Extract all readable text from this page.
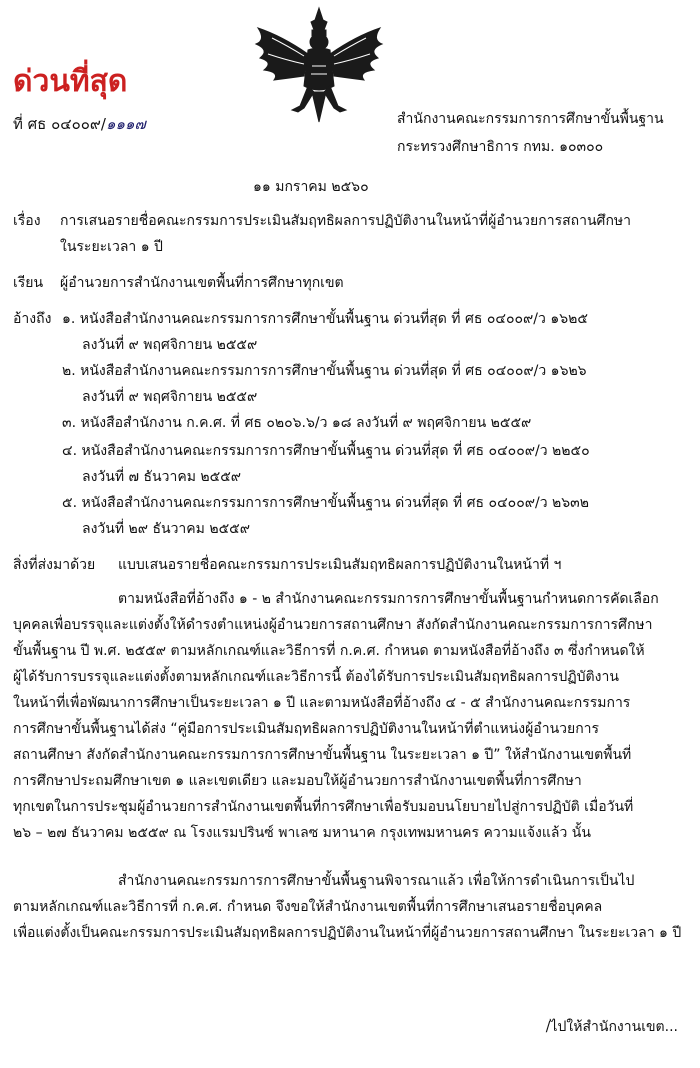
ด่วนที่สุด
ที่ ศธ ๐๔๐๐๙/๑๑๑๗	สำนักงานคณะกรรมการการศึกษาขั้นพื้นฐาน
กระทรวงศึกษาธิการ กทม. ๑๐๓๐๐
๑๑ มกราคม ๒๕๖๐
เรื่อง การเสนอรายชื่อคณะกรรมการประเมินสัมฤทธิผลการปฏิบัติงานในหน้าที่ผู้อำนวยการสถานศึกษา
ในระยะเวลา ๑ ปี
เรียน ผู้อำนวยการสำนักงานเขตพื้นที่การศึกษาทุกเขต
อ้างถึง ๑. หนังสือสำนักงานคณะกรรมการการศึกษาขั้นพื้นฐาน ด่วนที่สุด ที่ ศธ ๐๔๐๐๙/ว ๑๖๒๕
ลงวันที่ ๙ พฤศจิกายน ๒๕๕๙
๒. หนังสือสำนักงานคณะกรรมการการศึกษาขั้นพื้นฐาน ด่วนที่สุด ที่ ศธ ๐๔๐๐๙/ว ๑๖๒๖
ลงวันที่ ๙ พฤศจิกายน ๒๕๕๙
๓. หนังสือสำนักงาน ก.ค.ศ. ที่ ศธ ๐๒๐๖.๖/ว ๑๘ ลงวันที่ ๙ พฤศจิกายน ๒๕๕๙
๔. หนังสือสำนักงานคณะกรรมการการศึกษาขั้นพื้นฐาน ด่วนที่สุด ที่ ศธ ๐๔๐๐๙/ว ๒๒๕๐
ลงวันที่ ๗ ธันวาคม ๒๕๕๙
๕. หนังสือสำนักงานคณะกรรมการการศึกษาขั้นพื้นฐาน ด่วนที่สุด ที่ ศธ ๐๔๐๐๙/ว ๒๖๓๒
ลงวันที่ ๒๙ ธันวาคม ๒๕๕๙
สิ่งที่ส่งมาด้วย แบบเสนอรายชื่อคณะกรรมการประเมินสัมฤทธิผลการปฏิบัติงานในหน้าที่ ฯ
ตามหนังสือที่อ้างถึง ๑ - ๒ สำนักงานคณะกรรมการการศึกษาขั้นพื้นฐานกำหนดการคัดเลือก
บุคคลเพื่อบรรจุและแต่งตั้งให้ดำรงตำแหน่งผู้อำนวยการสถานศึกษา สังกัดสำนักงานคณะกรรมการการศึกษา
ขั้นพื้นฐาน ปี พ.ศ. ๒๕๕๙ ตามหลักเกณฑ์และวิธีการที่ ก.ค.ศ. กำหนด ตามหนังสือที่อ้างถึง ๓ ซึ่งกำหนดให้
ผู้ได้รับการบรรจุและแต่งตั้งตามหลักเกณฑ์และวิธีการนี้ ต้องได้รับการประเมินสัมฤทธิผลการปฏิบัติงาน
ในหน้าที่เพื่อพัฒนาการศึกษาเป็นระยะเวลา ๑ ปี และตามหนังสือที่อ้างถึง ๔ - ๕ สำนักงานคณะกรรมการ
การศึกษาขั้นพื้นฐานได้ส่ง “คู่มือการประเมินสัมฤทธิผลการปฏิบัติงานในหน้าที่ตำแหน่งผู้อำนวยการ
สถานศึกษา สังกัดสำนักงานคณะกรรมการการศึกษาขั้นพื้นฐาน ในระยะเวลา ๑ ปี” ให้สำนักงานเขตพื้นที่
การศึกษาประถมศึกษาเขต ๑ และเขตเดียว และมอบให้ผู้อำนวยการสำนักงานเขตพื้นที่การศึกษา
ทุกเขตในการประชุมผู้อำนวยการสำนักงานเขตพื้นที่การศึกษาเพื่อรับมอบนโยบายไปสู่การปฏิบัติ เมื่อวันที่
๒๖ – ๒๗ ธันวาคม ๒๕๕๙ ณ โรงแรมปรินซ์ พาเลซ มหานาค กรุงเทพมหานคร ความแจ้งแล้ว นั้น
สำนักงานคณะกรรมการการศึกษาขั้นพื้นฐานพิจารณาแล้ว เพื่อให้การดำเนินการเป็นไป
ตามหลักเกณฑ์และวิธีการที่ ก.ค.ศ. กำหนด จึงขอให้สำนักงานเขตพื้นที่การศึกษาเสนอรายชื่อบุคคล
เพื่อแต่งตั้งเป็นคณะกรรมการประเมินสัมฤทธิผลการปฏิบัติงานในหน้าที่ผู้อำนวยการสถานศึกษา ในระยะเวลา ๑ ปี
/ไปให้สำนักงานเขต...
